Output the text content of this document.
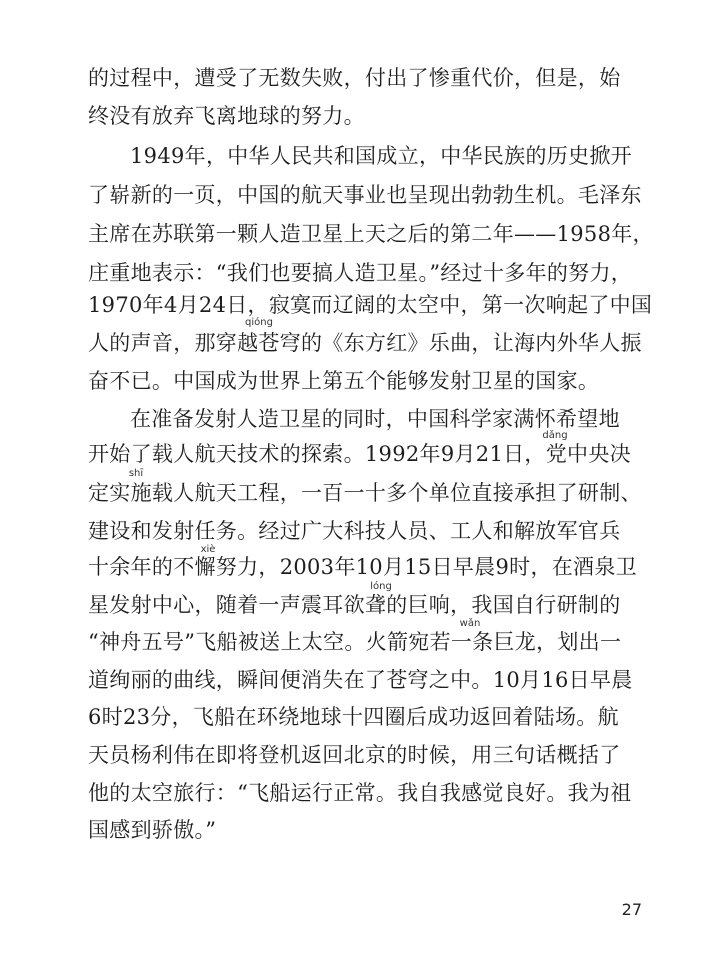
的过程中，遭受了无数失败，付出了惨重代价，但是，始
终没有放弃飞离地球的努力。
1949年，中华人民共和国成立，中华民族的历史掀开
了崭新的一页，中国的航天事业也呈现出勃勃生机。毛泽东
主席在苏联第一颗人造卫星上天之后的第二年——1958年，
庄重地表示：“我们也要搞人造卫星。”经过十多年的努力，
1970年4月24日，寂寞而辽阔的太空中，第一次响起了中国
qióng
人的声音，那穿越苍穹的《东方红》乐曲，让海内外华人振
奋不已。中国成为世界上第五个能够发射卫星的国家。
在准备发射人造卫星的同时，中国科学家满怀希望地
dǎng
开始了载人航天技术的探索。1992年9月21日，党中央决
shī
定实施载人航天工程，一百一十多个单位直接承担了研制、
建设和发射任务。经过广大科技人员、工人和解放军官兵
xiè
十余年的不懈努力，2003年10月15日早晨9时，在酒泉卫
lóng
星发射中心，随着一声震耳欲聋的巨响，我国自行研制的
wǎn
“神舟五号”飞船被送上太空。火箭宛若一条巨龙，划出一
道绚丽的曲线，瞬间便消失在了苍穹之中。10月16日早晨
6时23分，飞船在环绕地球十四圈后成功返回着陆场。航
天员杨利伟在即将登机返回北京的时候，用三句话概括了
他的太空旅行：“飞船运行正常。我自我感觉良好。我为祖
国感到骄傲。”
27
